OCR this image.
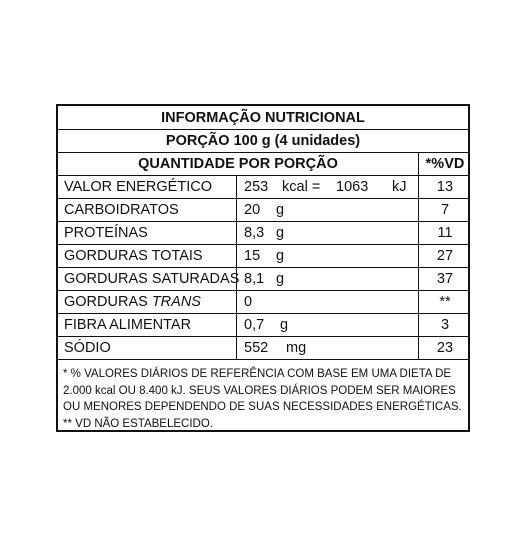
INFORMAÇÃO NUTRICIONAL
PORÇÃO 100 g (4 unidades)
QUANTIDADE POR PORÇÃO	*%VD
VALOR ENERGÉTICO 253 kcal = 1063 kJ	13
CARBOIDRATOS	20 g	7
PROTEÍNAS	8,3 g	11
GORDURAS TOTAIS	15 g	27
GORDURAS SATURADAS 8,1 g	37
GORDURAS TRANS	0	**
FIBRA ALIMENTAR	0,7 g	3
SÓDIO	552 mg	23
* % VALORES DIÁRIOS DE REFERÊNCIA COM BASE EM UMA DIETA DE 2.000 kcal OU 8.400 kJ. SEUS VALORES DIÁRIOS PODEM SER MAIORES OU MENORES DEPENDENDO DE SUAS NECESSIDADES ENERGÉTICAS. ** VD NÃO ESTABELECIDO.
